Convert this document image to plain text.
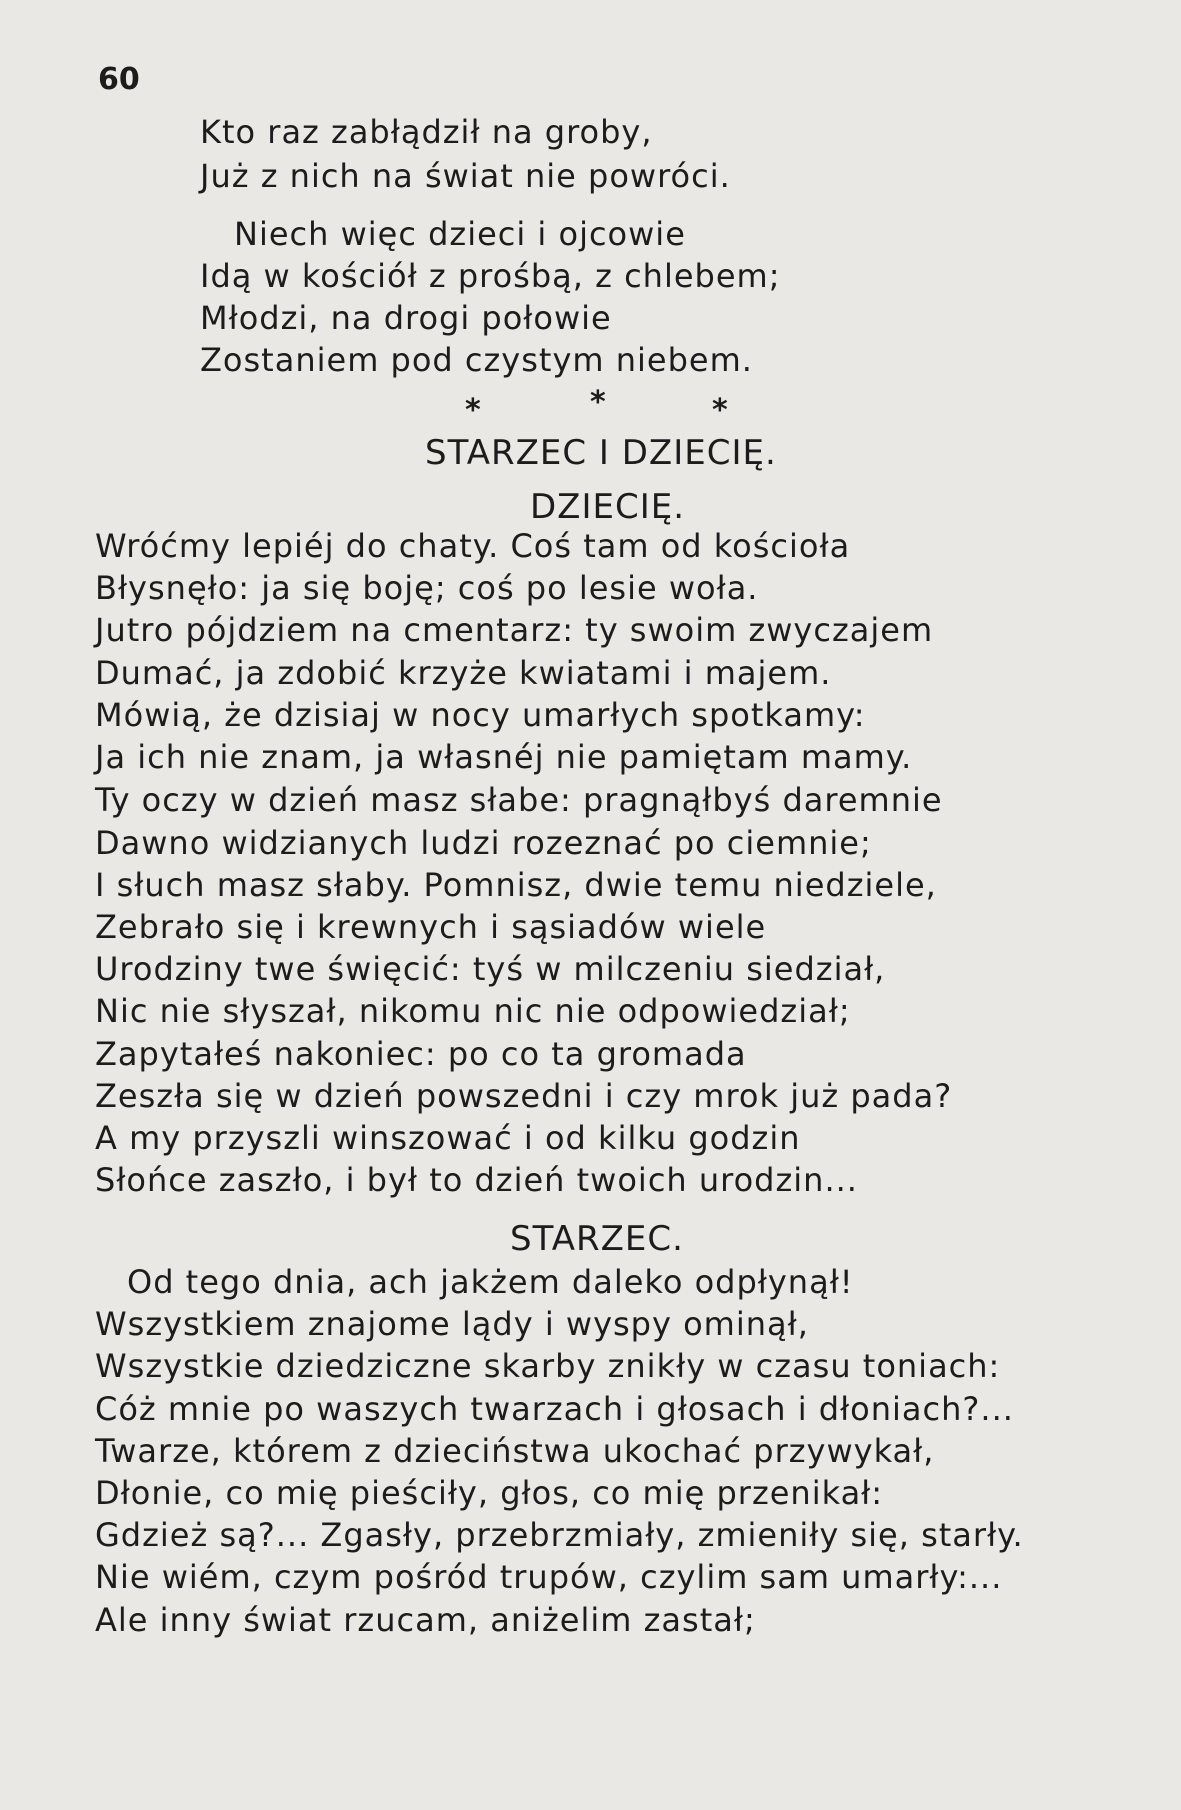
60
Kto raz zabłądził na groby,
Już z nich na świat nie powróci.
Niech więc dzieci i ojcowie
Idą w kościół z prośbą, z chlebem;
Młodzi, na drogi połowie
Zostaniem pod czystym niebem.
*	*	*
STARZEC I DZIECIĘ.
DZIECIĘ.
Wróćmy lepiéj do chaty. Coś tam od kościoła
Błysnęło: ja się boję; coś po lesie woła.
Jutro pójdziem na cmentarz: ty swoim zwyczajem
Dumać, ja zdobić krzyże kwiatami i majem.
Mówią, że dzisiaj w nocy umarłych spotkamy:
Ja ich nie znam, ja własnéj nie pamiętam mamy.
Ty oczy w dzień masz słabe: pragnąłbyś daremnie
Dawno widzianych ludzi rozeznać po ciemnie;
I słuch masz słaby. Pomnisz, dwie temu niedziele,
Zebrało się i krewnych i sąsiadów wiele
Urodziny twe święcić: tyś w milczeniu siedział,
Nic nie słyszał, nikomu nic nie odpowiedział;
Zapytałeś nakoniec: po co ta gromada
Zeszła się w dzień powszedni i czy mrok już pada?
A my przyszli winszować i od kilku godzin
Słońce zaszło, i był to dzień twoich urodzin...
STARZEC.
Od tego dnia, ach jakżem daleko odpłynął!
Wszystkiem znajome lądy i wyspy ominął,
Wszystkie dziedziczne skarby znikły w czasu toniach:
Cóż mnie po waszych twarzach i głosach i dłoniach?...
Twarze, którem z dzieciństwa ukochać przywykał,
Dłonie, co mię pieściły, głos, co mię przenikał:
Gdzież są?... Zgasły, przebrzmiały, zmieniły się, starły.
Nie wiém, czym pośród trupów, czylim sam umarły:...
Ale inny świat rzucam, aniżelim zastał;
